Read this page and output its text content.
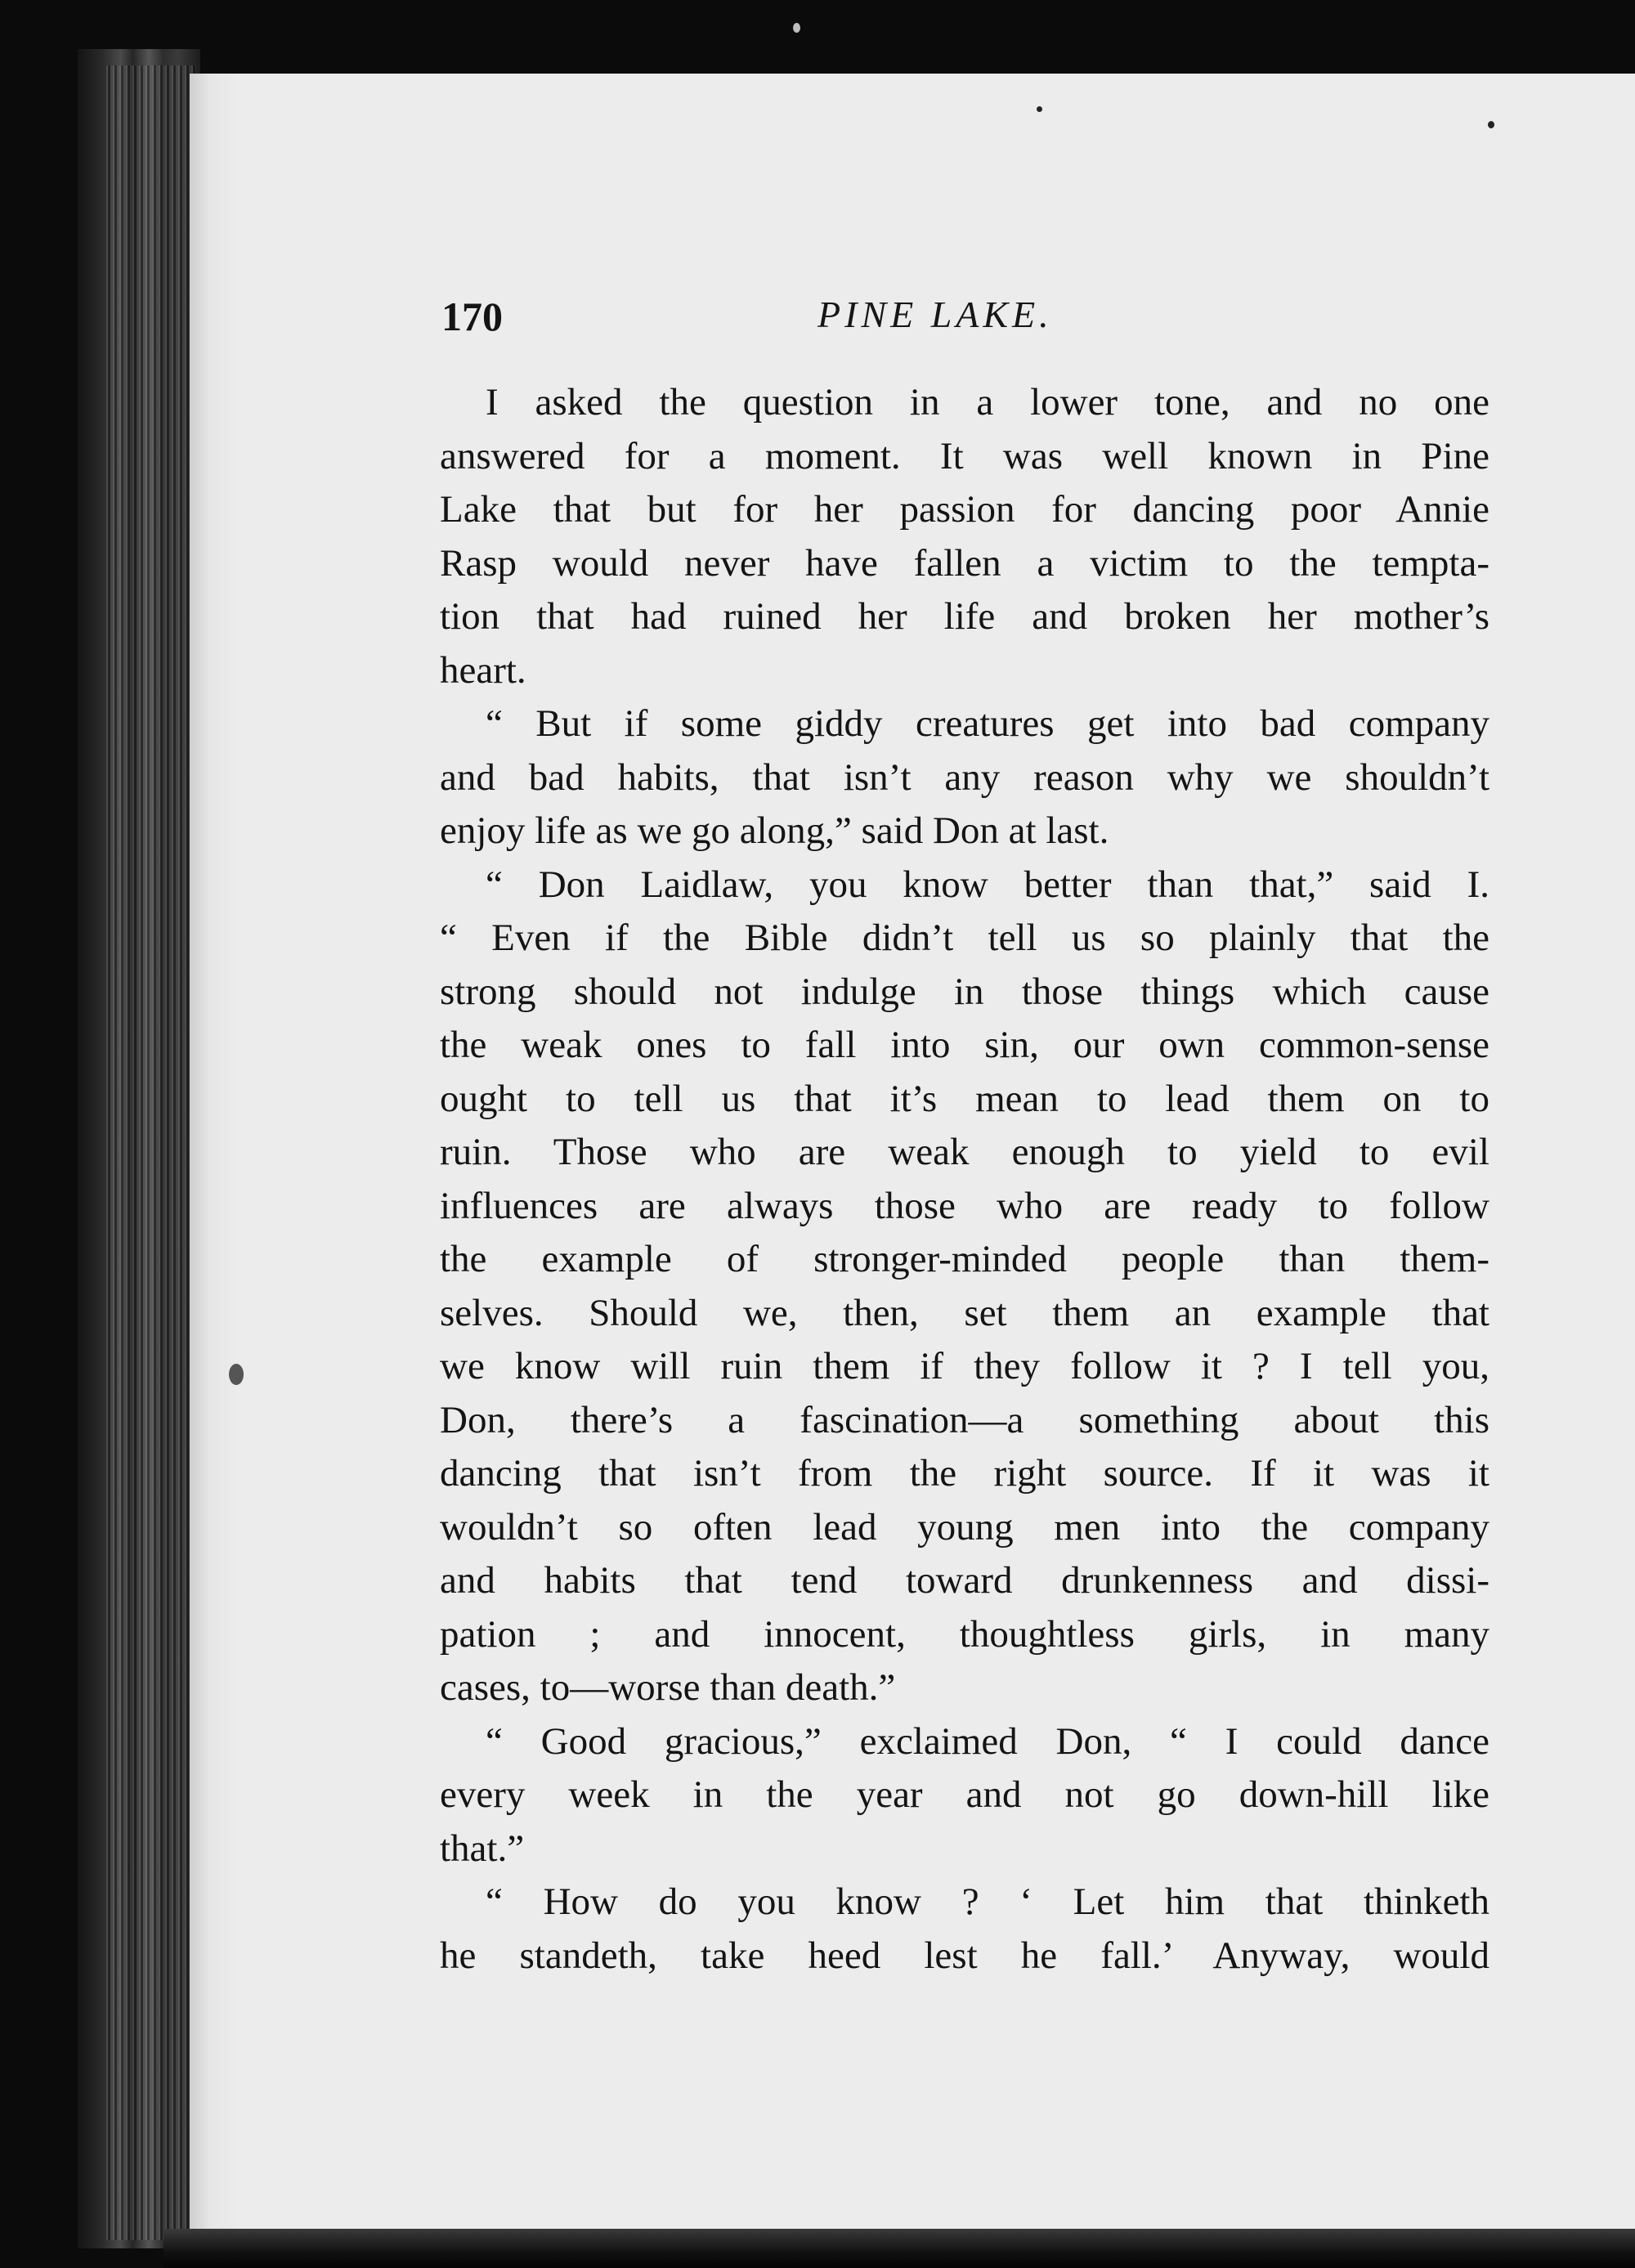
170	PINE LAKE.
I asked the question in a lower tone, and no one
answered for a moment. It was well known in Pine
Lake that but for her passion for dancing poor Annie
Rasp would never have fallen a victim to the tempta-
tion that had ruined her life and broken her mother’s
heart.
“ But if some giddy creatures get into bad company
and bad habits, that isn’t any reason why we shouldn’t
enjoy life as we go along,” said Don at last.
“ Don Laidlaw, you know better than that,” said I.
“ Even if the Bible didn’t tell us so plainly that the
strong should not indulge in those things which cause
the weak ones to fall into sin, our own common-sense
ought to tell us that it’s mean to lead them on to
ruin. Those who are weak enough to yield to evil
influences are always those who are ready to follow
the example of stronger-minded people than them-
selves. Should we, then, set them an example that
we know will ruin them if they follow it ? I tell you,
Don, there’s a fascination—a something about this
dancing that isn’t from the right source. If it was it
wouldn’t so often lead young men into the company
and habits that tend toward drunkenness and dissi-
pation ; and innocent, thoughtless girls, in many
cases, to—worse than death.”
“ Good gracious,” exclaimed Don, “ I could dance
every week in the year and not go down-hill like
that.”
“ How do you know ? ‘ Let him that thinketh
he standeth, take heed lest he fall.’ Anyway, would
